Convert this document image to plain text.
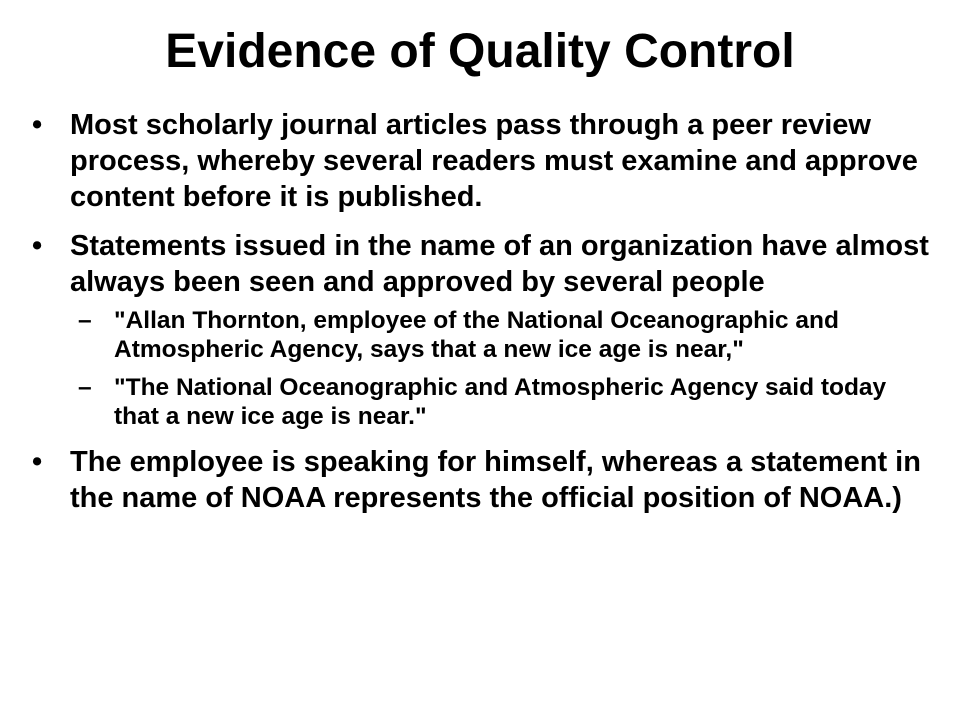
Evidence of Quality Control
• Most scholarly journal articles pass through a peer review process, whereby several readers must examine and approve content before it is published.
• Statements issued in the name of an organization have almost always been seen and approved by several people
– "Allan Thornton, employee of the National Oceanographic and Atmospheric Agency, says that a new ice age is near,"
– "The National Oceanographic and Atmospheric Agency said today that a new ice age is near."
• The employee is speaking for himself, whereas a statement in the name of NOAA represents the official position of NOAA.)
